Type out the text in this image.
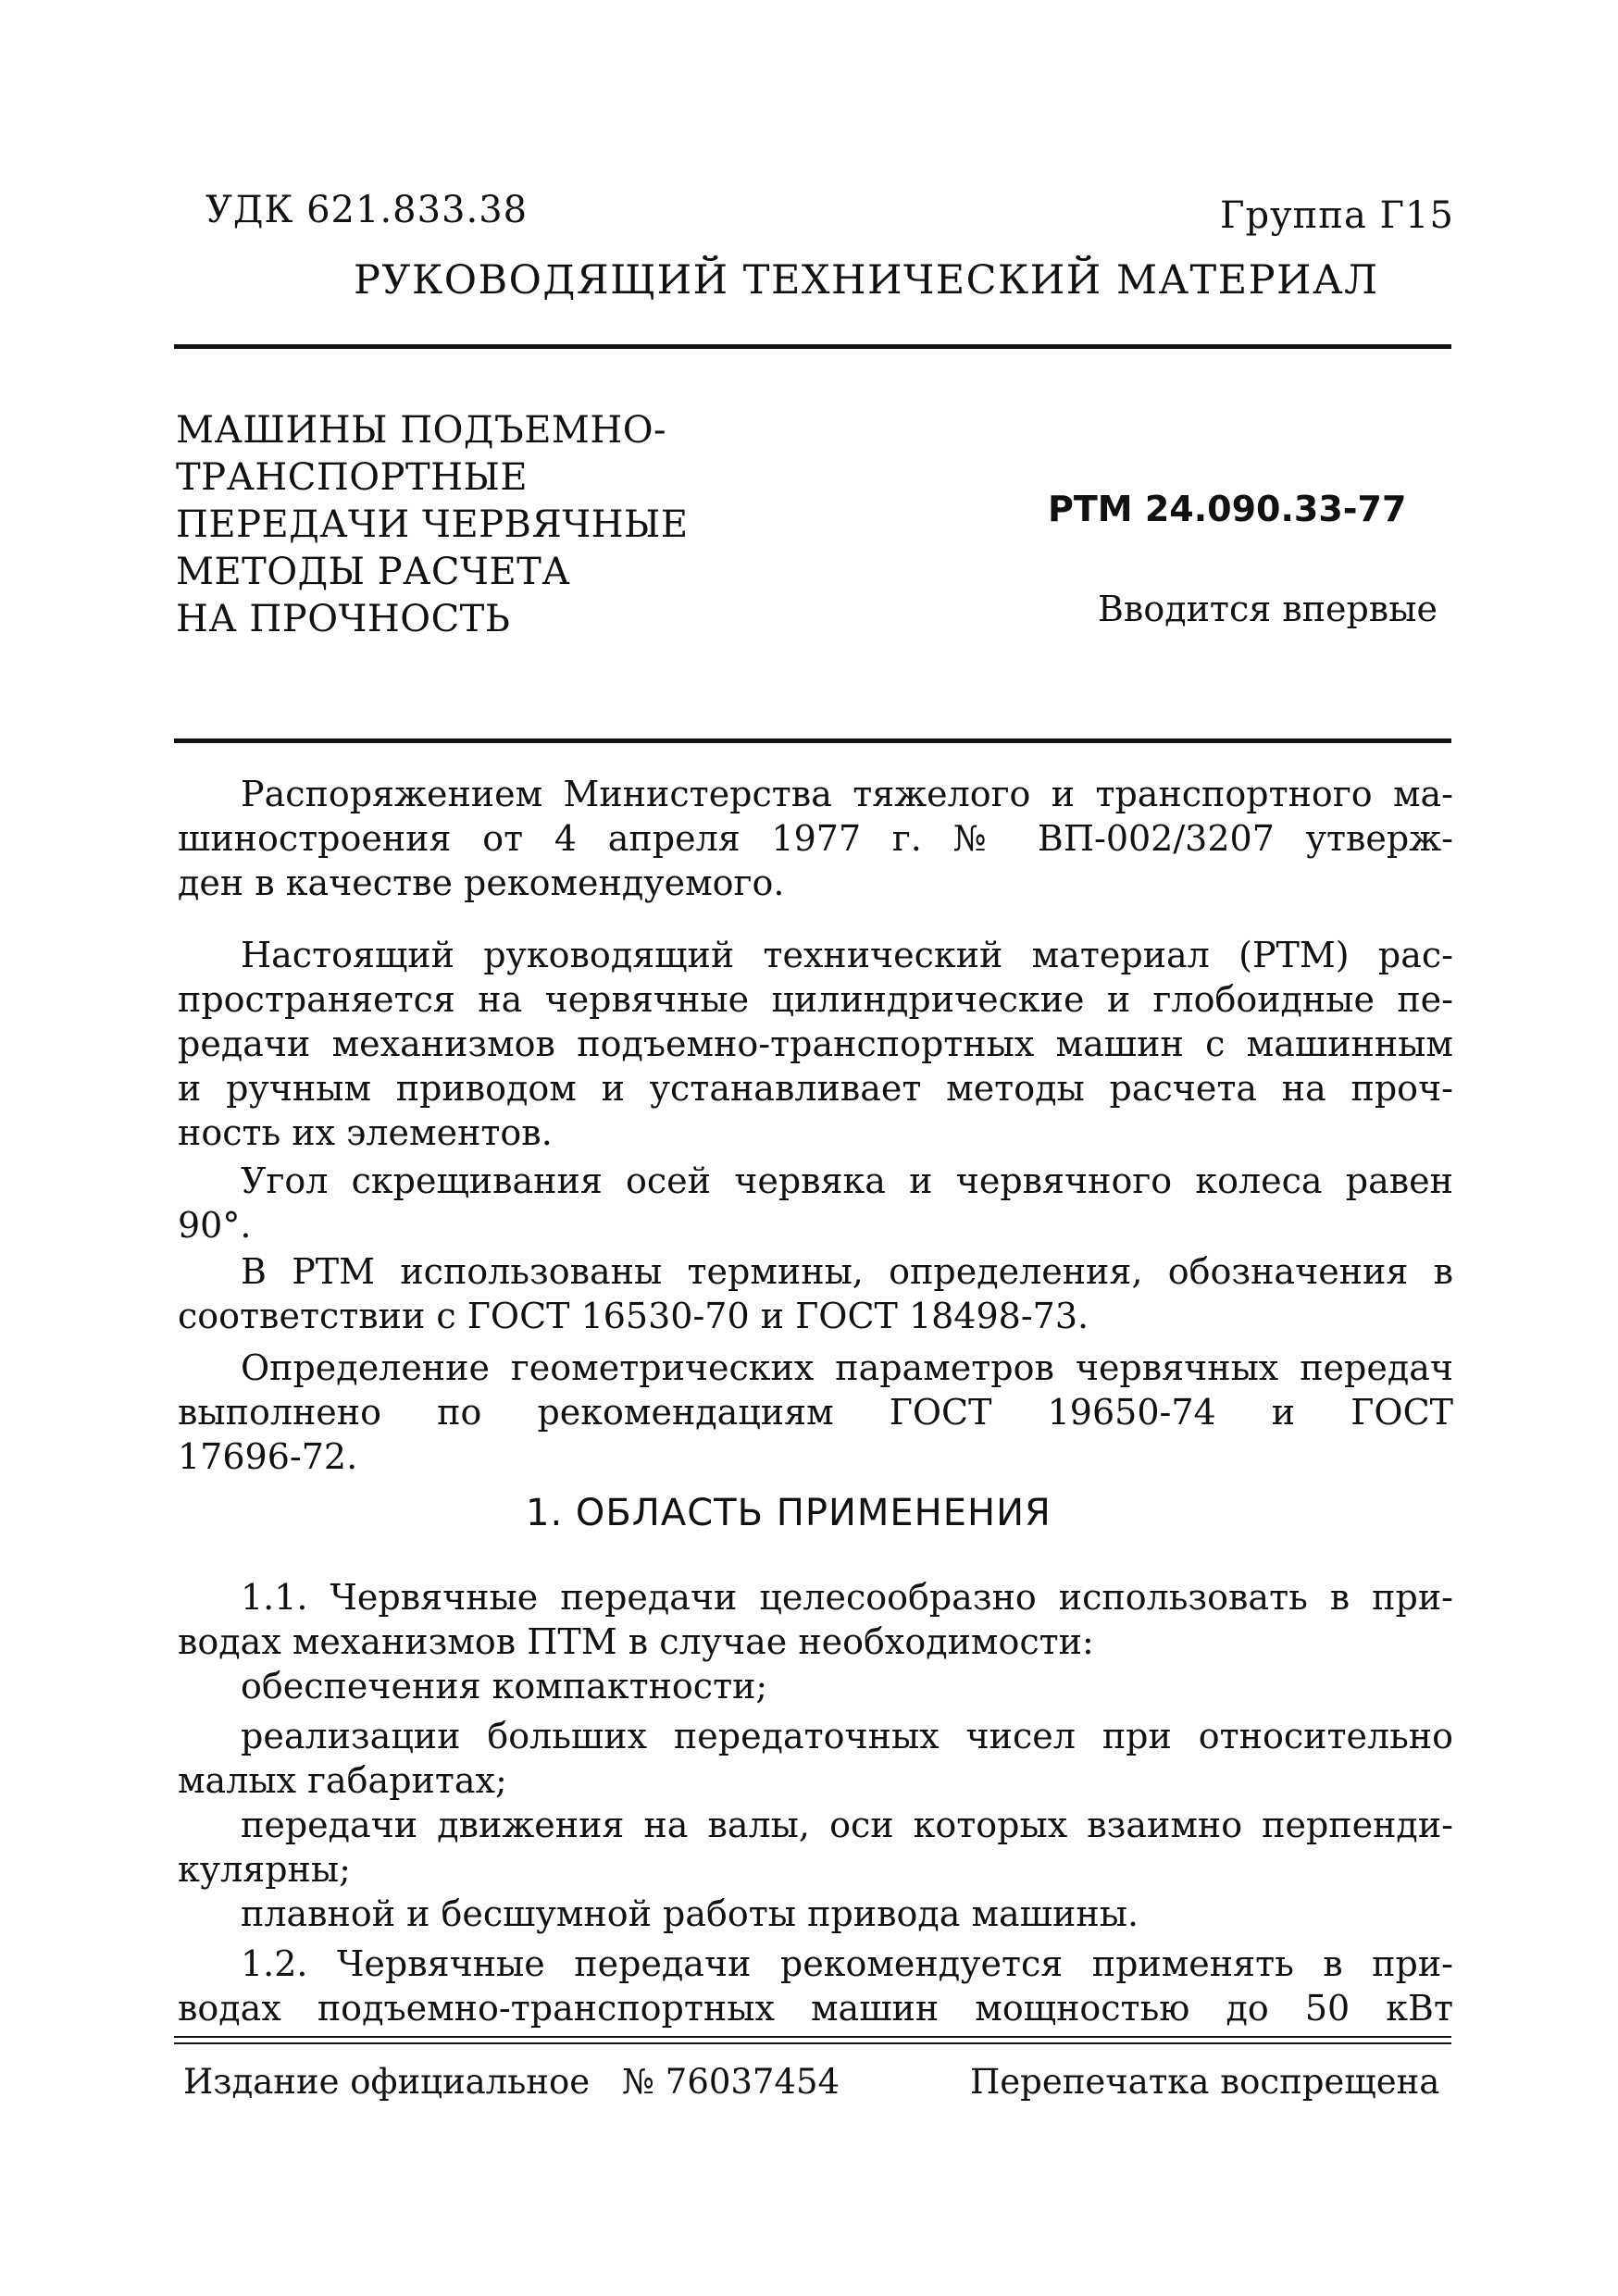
УДК 621.833.38	Группа Г15
РУКОВОДЯЩИЙ ТЕХНИЧЕСКИЙ МАТЕРИАЛ
МАШИНЫ ПОДЪЕМНО-
ТРАНСПОРТНЫЕ
ПЕРЕДАЧИ ЧЕРВЯЧНЫЕ
МЕТОДЫ РАСЧЕТА
НА ПРОЧНОСТЬ
РТМ 24.090.33-77
Вводится впервые
Распоряжением Министерства тяжелого и транспортного ма-
шиностроения от 4 апреля 1977 г. № ВП-002/3207 утверж-
ден в качестве рекомендуемого.
Настоящий руководящий технический материал (РТМ) рас-
пространяется на червячные цилиндрические и глобоидные пе-
редачи механизмов подъемно-транспортных машин с машинным
и ручным приводом и устанавливает методы расчета на проч-
ность их элементов.
Угол скрещивания осей червяка и червячного колеса равен
90°.
В РТМ использованы термины, определения, обозначения в
соответствии с ГОСТ 16530-70 и ГОСТ 18498-73.
Определение геометрических параметров червячных передач
выполнено по рекомендациям ГОСТ 19650-74 и ГОСТ
17696-72.
1. ОБЛАСТЬ ПРИМЕНЕНИЯ
1.1. Червячные передачи целесообразно использовать в при-
водах механизмов ПТМ в случае необходимости:
обеспечения компактности;
реализации больших передаточных чисел при относительно
малых габаритах;
передачи движения на валы, оси которых взаимно перпенди-
кулярны;
плавной и бесшумной работы привода машины.
1.2. Червячные передачи рекомендуется применять в при-
водах подъемно-транспортных машин мощностью до 50 кВт
Издание официальное № 76037454	Перепечатка воспрещена
